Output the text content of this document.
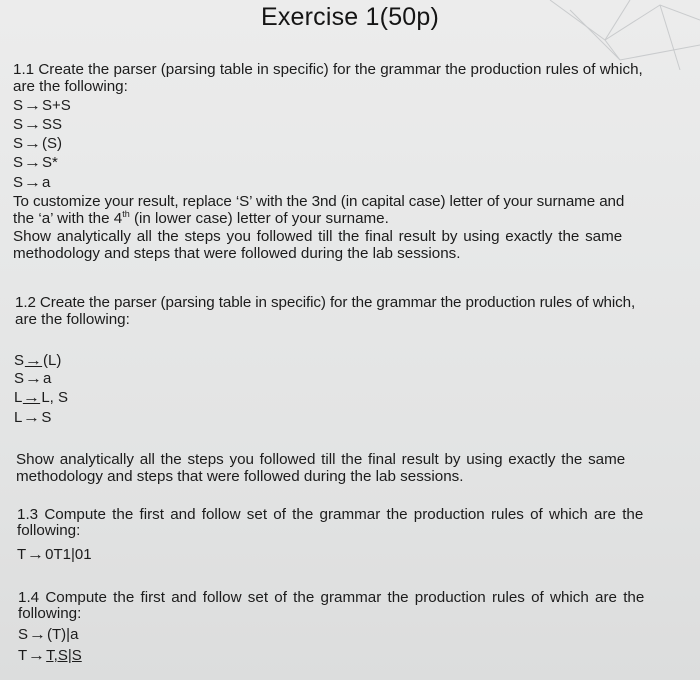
Exercise 1(50p)
1.1 Create the parser (parsing table in specific) for the grammar the production rules of which,
are the following:
S→S+S
S→SS
S→(S)
S→S*
S→a
To customize your result, replace ‘S’ with the 3nd (in capital case) letter of your surname and
the ‘a’ with the 4th (in lower case) letter of your surname.
Show analytically all the steps you followed till the final result by using exactly the same
methodology and steps that were followed during the lab sessions.
1.2 Create the parser (parsing table in specific) for the grammar the production rules of which,
are the following:
S→(L)
S→a
L→L, S
L→S
Show analytically all the steps you followed till the final result by using exactly the same
methodology and steps that were followed during the lab sessions.
1.3 Compute the first and follow set of the grammar the production rules of which are the
following:
T→0T1|01
1.4 Compute the first and follow set of the grammar the production rules of which are the
following:
S→(T)|a
T→T,S|S
